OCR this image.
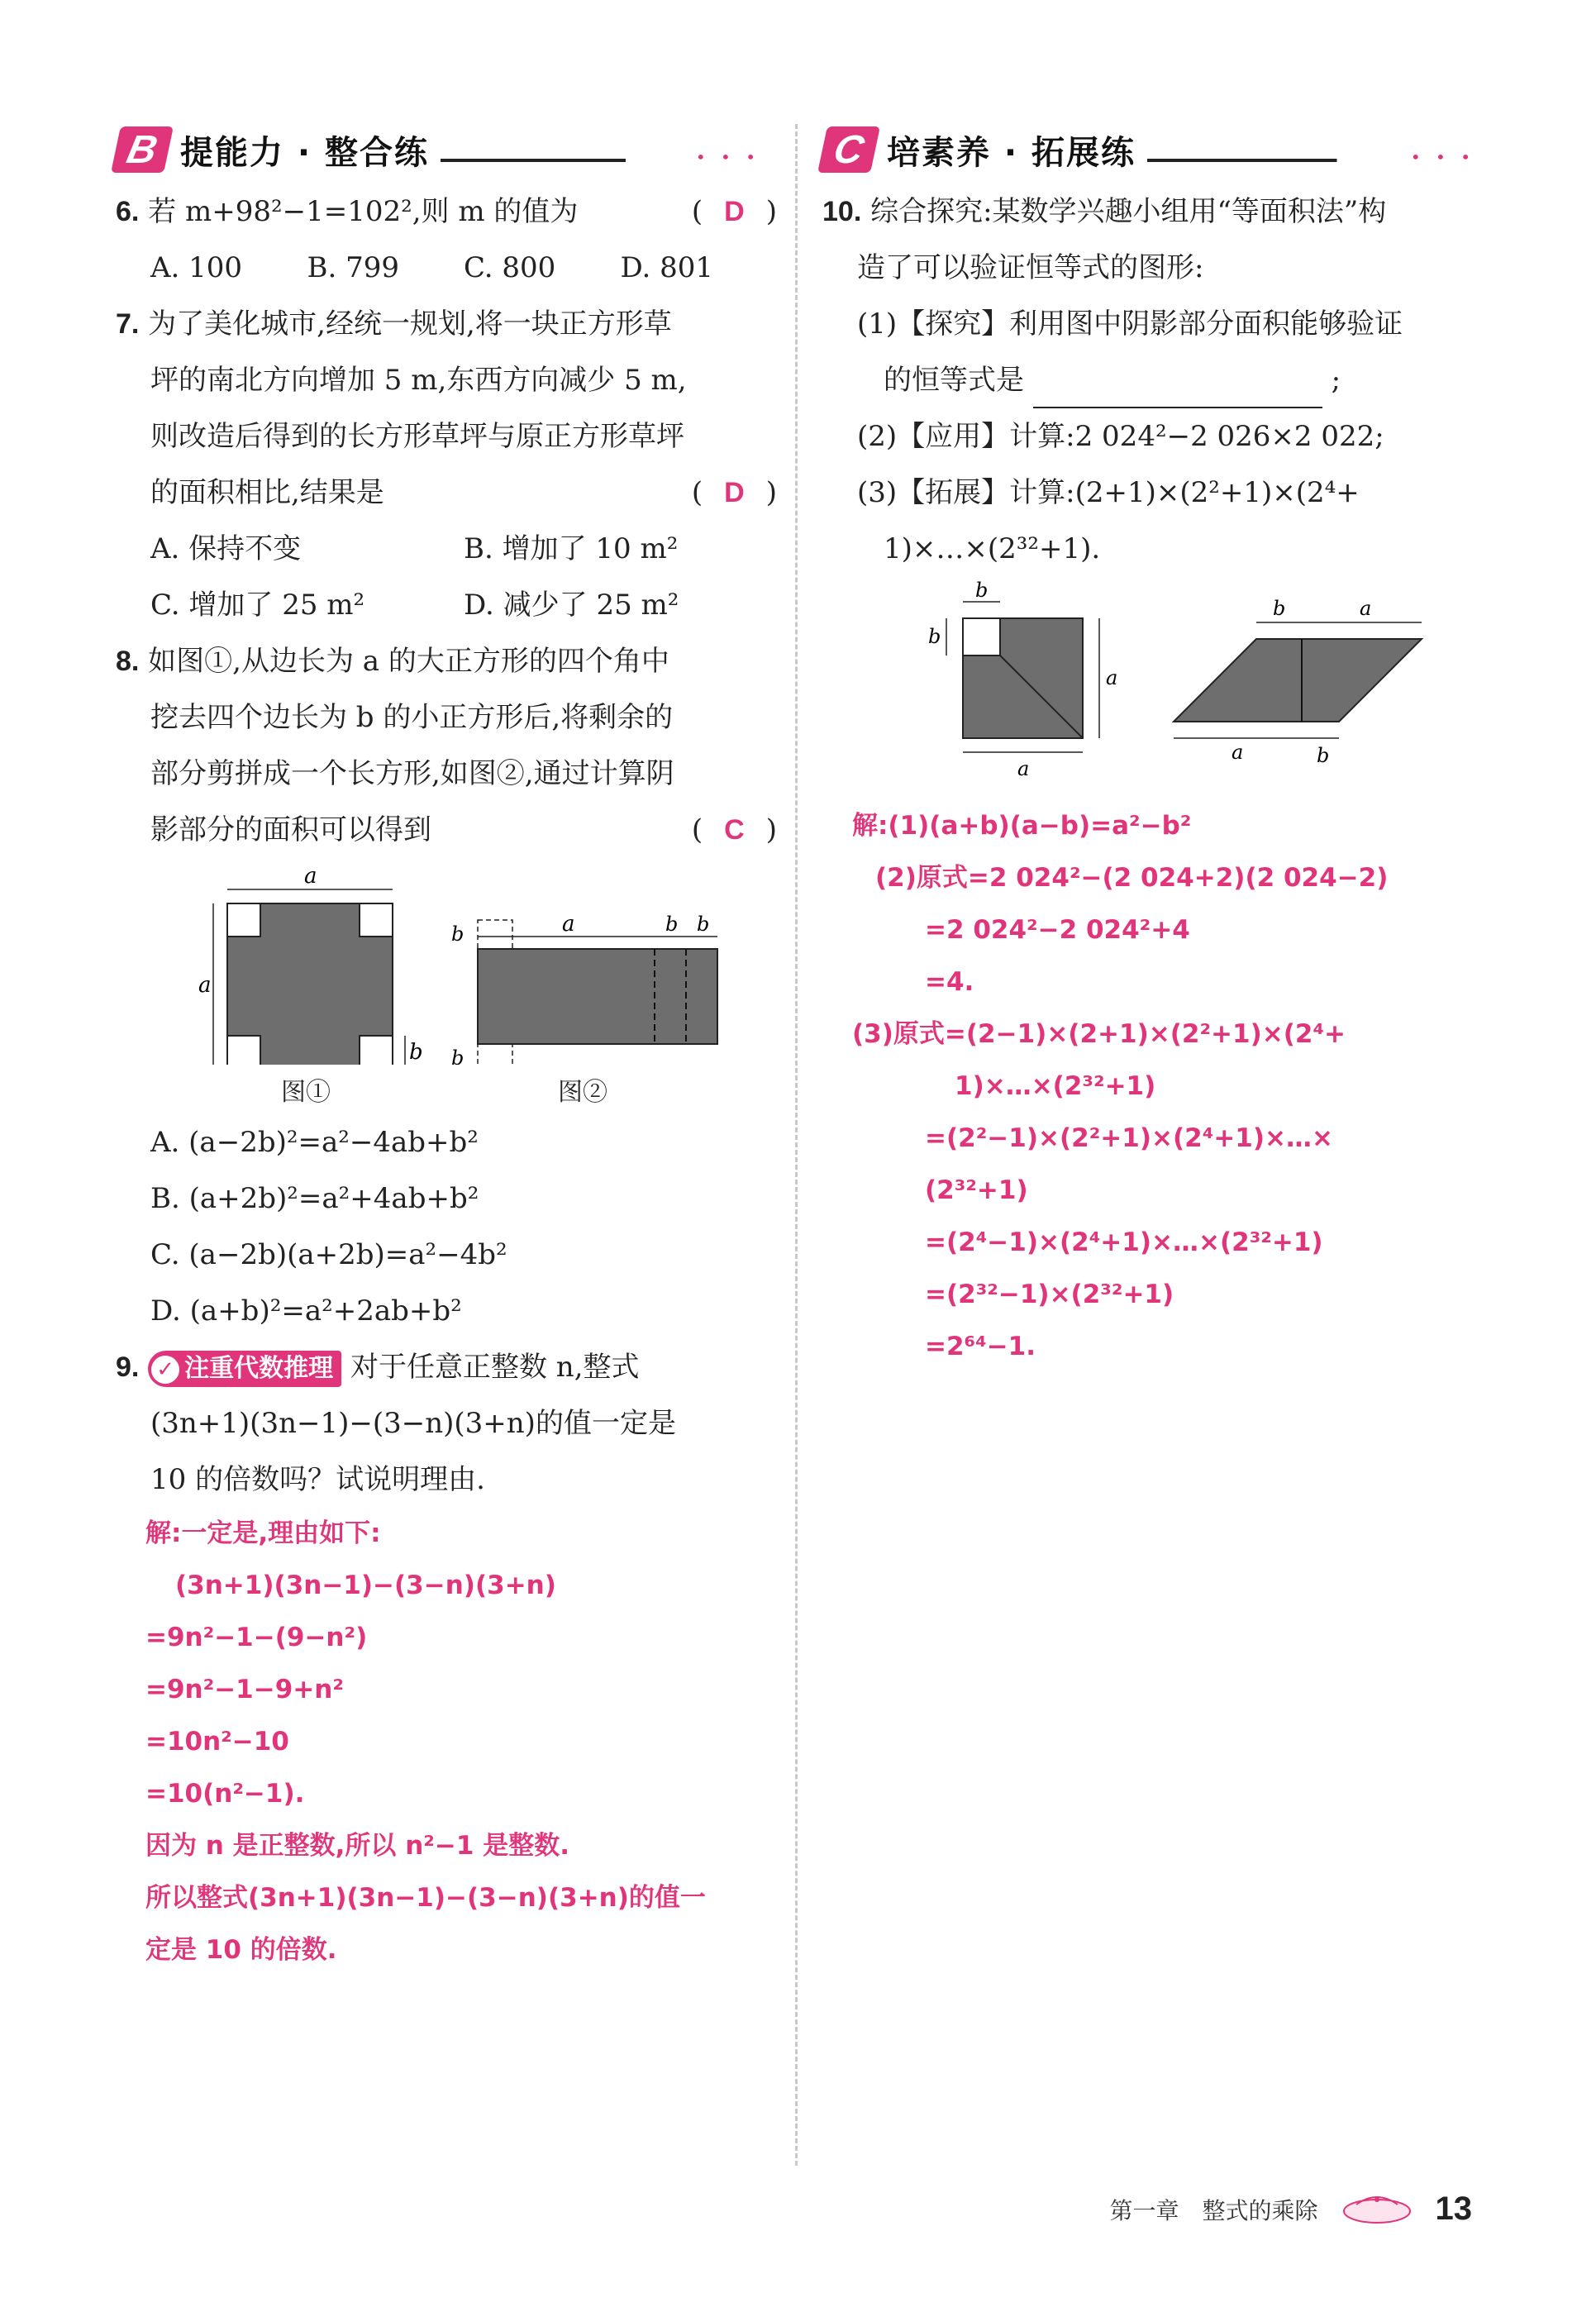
B 提能力 · 整合练	• • •
6. 若 m+98²−1=102²,则 m 的值为	( D )
A. 100	B. 799	C. 800	D. 801
7. 为了美化城市,经统一规划,将一块正方形草
坪的南北方向增加 5 m,东西方向减少 5 m,
则改造后得到的长方形草坪与原正方形草坪
的面积相比,结果是	( D )
A. 保持不变	B. 增加了 10 m²
C. 增加了 25 m²	D. 减少了 25 m²
8. 如图①,从边长为 a 的大正方形的四个角中
挖去四个边长为 b 的小正方形后,将剩余的
部分剪拼成一个长方形,如图②,通过计算阴
影部分的面积可以得到	( C )
a
a
b
a	b b
b
b
图①	图②
A. (a−2b)²=a²−4ab+b²
B. (a+2b)²=a²+4ab+b²
C. (a−2b)(a+2b)=a²−4b²
D. (a+b)²=a²+2ab+b²
9. ✓ 注重代数推理 对于任意正整数 n,整式
(3n+1)(3n−1)−(3−n)(3+n)的值一定是
10 的倍数吗？试说明理由.
解:一定是,理由如下:
(3n+1)(3n−1)−(3−n)(3+n)
=9n²−1−(9−n²)
=9n²−1−9+n²
=10n²−10
=10(n²−1).
因为 n 是正整数,所以 n²−1 是整数.
所以整式(3n+1)(3n−1)−(3−n)(3+n)的值一
定是 10 的倍数.
C 培素养 · 拓展练	• • •
10. 综合探究:某数学兴趣小组用“等面积法”构
造了可以验证恒等式的图形:
(1)【探究】利用图中阴影部分面积能够验证
的恒等式是	;
(2)【应用】计算:2 024²−2 026×2 022;
(3)【拓展】计算:(2+1)×(2²+1)×(2⁴+
1)×…×(2³²+1).
b
b
a
a
b	a
a	b
解:(1)(a+b)(a−b)=a²−b²
(2)原式=2 024²−(2 024+2)(2 024−2)
=2 024²−2 024²+4
=4.
(3)原式=(2−1)×(2+1)×(2²+1)×(2⁴+
1)×…×(2³²+1)
=(2²−1)×(2²+1)×(2⁴+1)×…×
(2³²+1)
=(2⁴−1)×(2⁴+1)×…×(2³²+1)
=(2³²−1)×(2³²+1)
=2⁶⁴−1.
第一章　整式的乘除	13
